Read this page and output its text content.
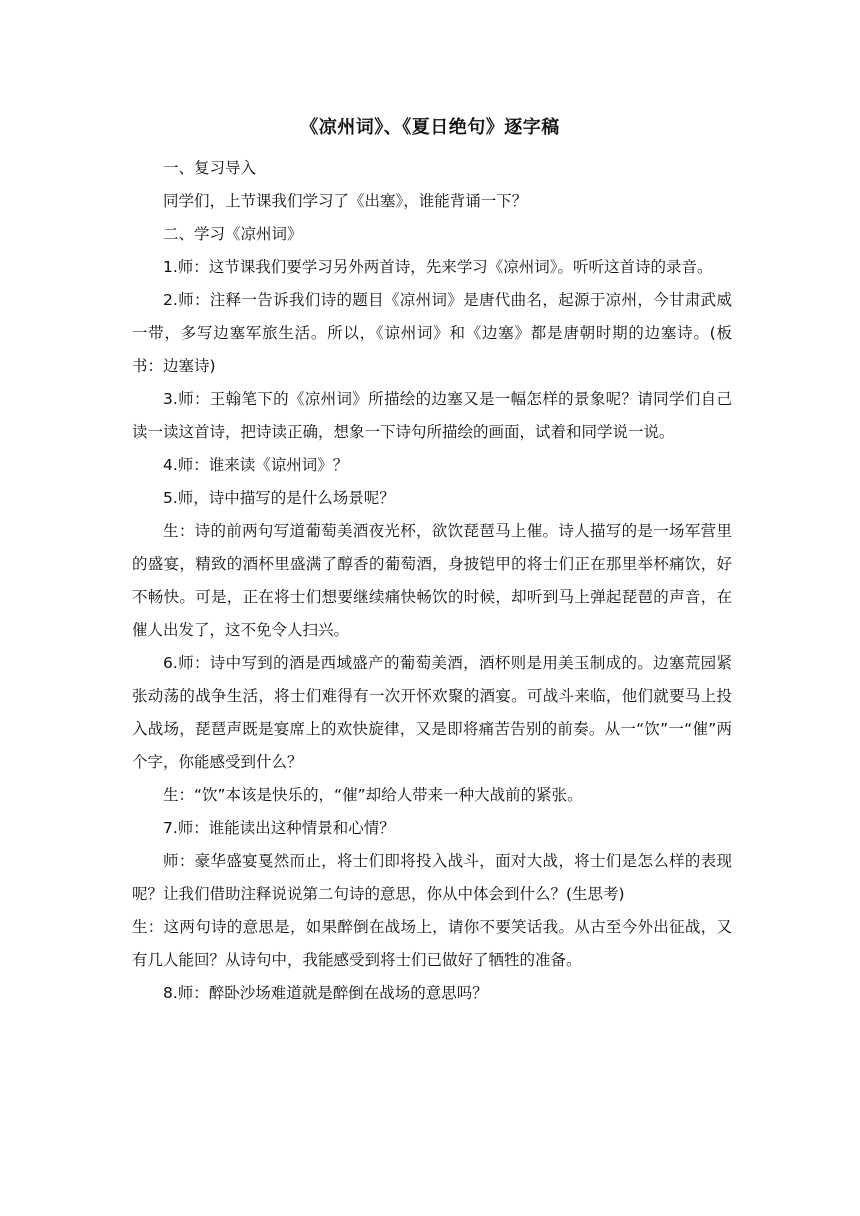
《凉州词》、《夏日绝句》逐字稿

一、复习导入

同学们，上节课我们学习了《出塞》，谁能背诵一下？

二、学习《凉州词》

1.师：这节课我们要学习另外两首诗，先来学习《凉州词》。听听这首诗的录音。

2.师：注释一告诉我们诗的题目《凉州词》是唐代曲名，起源于凉州，今甘肃武威一带，多写边塞军旅生活。所以，《谅州词》和《边塞》都是唐朝时期的边塞诗。(板书：边塞诗)

3.师：王翰笔下的《凉州词》所描绘的边塞又是一幅怎样的景象呢？请同学们自己读一读这首诗，把诗读正确，想象一下诗句所描绘的画面，试着和同学说一说。

4.师：谁来读《谅州词》？

5.师，诗中描写的是什么场景呢？

生：诗的前两句写道葡萄美酒夜光杯，欲饮琵琶马上催。诗人描写的是一场军营里的盛宴，精致的酒杯里盛满了醇香的葡萄酒，身披铠甲的将士们正在那里举杯痛饮，好不畅快。可是，正在将士们想要继续痛快畅饮的时候，却听到马上弹起琵琶的声音，在催人出发了，这不免令人扫兴。

6.师：诗中写到的酒是西域盛产的葡萄美酒，酒杯则是用美玉制成的。边塞荒园紧张动荡的战争生活，将士们难得有一次开怀欢聚的酒宴。可战斗来临，他们就要马上投入战场，琵琶声既是宴席上的欢快旋律，又是即将痛苦告别的前奏。从一“饮”一“催”两个字，你能感受到什么？

生：“饮”本该是快乐的，“催”却给人带来一种大战前的紧张。

7.师：谁能读出这种情景和心情？

师：豪华盛宴戛然而止，将士们即将投入战斗，面对大战，将士们是怎么样的表现呢？让我们借助注释说说第二句诗的意思，你从中体会到什么？(生思考)

生：这两句诗的意思是，如果醉倒在战场上，请你不要笑话我。从古至今外出征战，又有几人能回？从诗句中，我能感受到将士们已做好了牺牲的准备。

8.师：醉卧沙场难道就是醉倒在战场的意思吗？
